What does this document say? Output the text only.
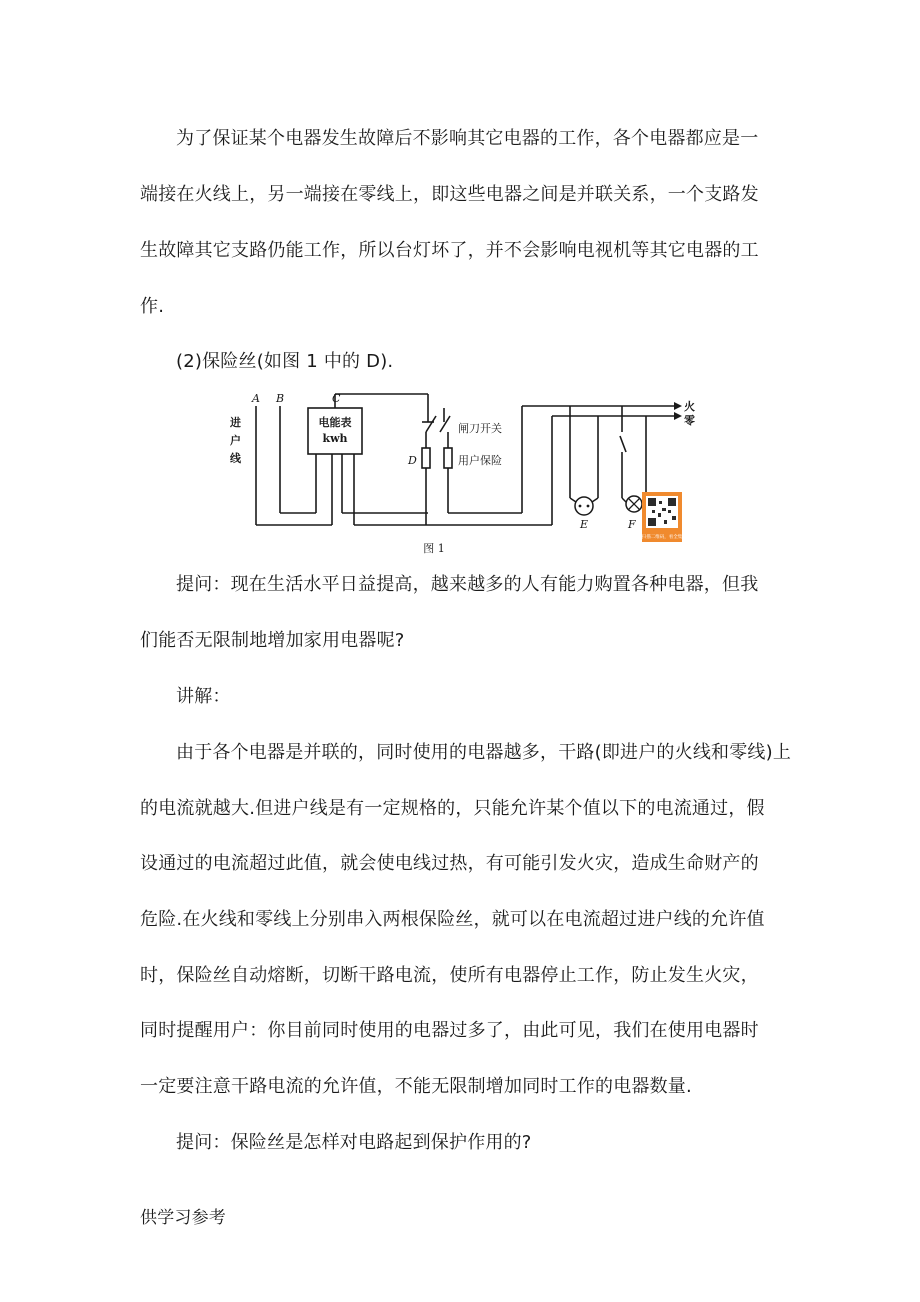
为了保证某个电器发生故障后不影响其它电器的工作，各个电器都应是一
端接在火线上，另一端接在零线上，即这些电器之间是并联关系，一个支路发
生故障其它支路仍能工作，所以台灯坏了，并不会影响电视机等其它电器的工
作.
(2)保险丝(如图 1 中的 D).
扫描二维码，看全集
A B	C
进
户
线
电能表
kwh
闸刀开关
D	用户保险
E	F
火
零
图 1
提问：现在生活水平日益提高，越来越多的人有能力购置各种电器，但我
们能否无限制地增加家用电器呢?
讲解：
由于各个电器是并联的，同时使用的电器越多，干路(即进户的火线和零线)上
的电流就越大.但进户线是有一定规格的，只能允许某个值以下的电流通过，假
设通过的电流超过此值，就会使电线过热，有可能引发火灾，造成生命财产的
危险.在火线和零线上分别串入两根保险丝，就可以在电流超过进户线的允许值
时，保险丝自动熔断，切断干路电流，使所有电器停止工作，防止发生火灾，
同时提醒用户：你目前同时使用的电器过多了，由此可见，我们在使用电器时
一定要注意干路电流的允许值，不能无限制增加同时工作的电器数量.
提问：保险丝是怎样对电路起到保护作用的?
供学习参考
